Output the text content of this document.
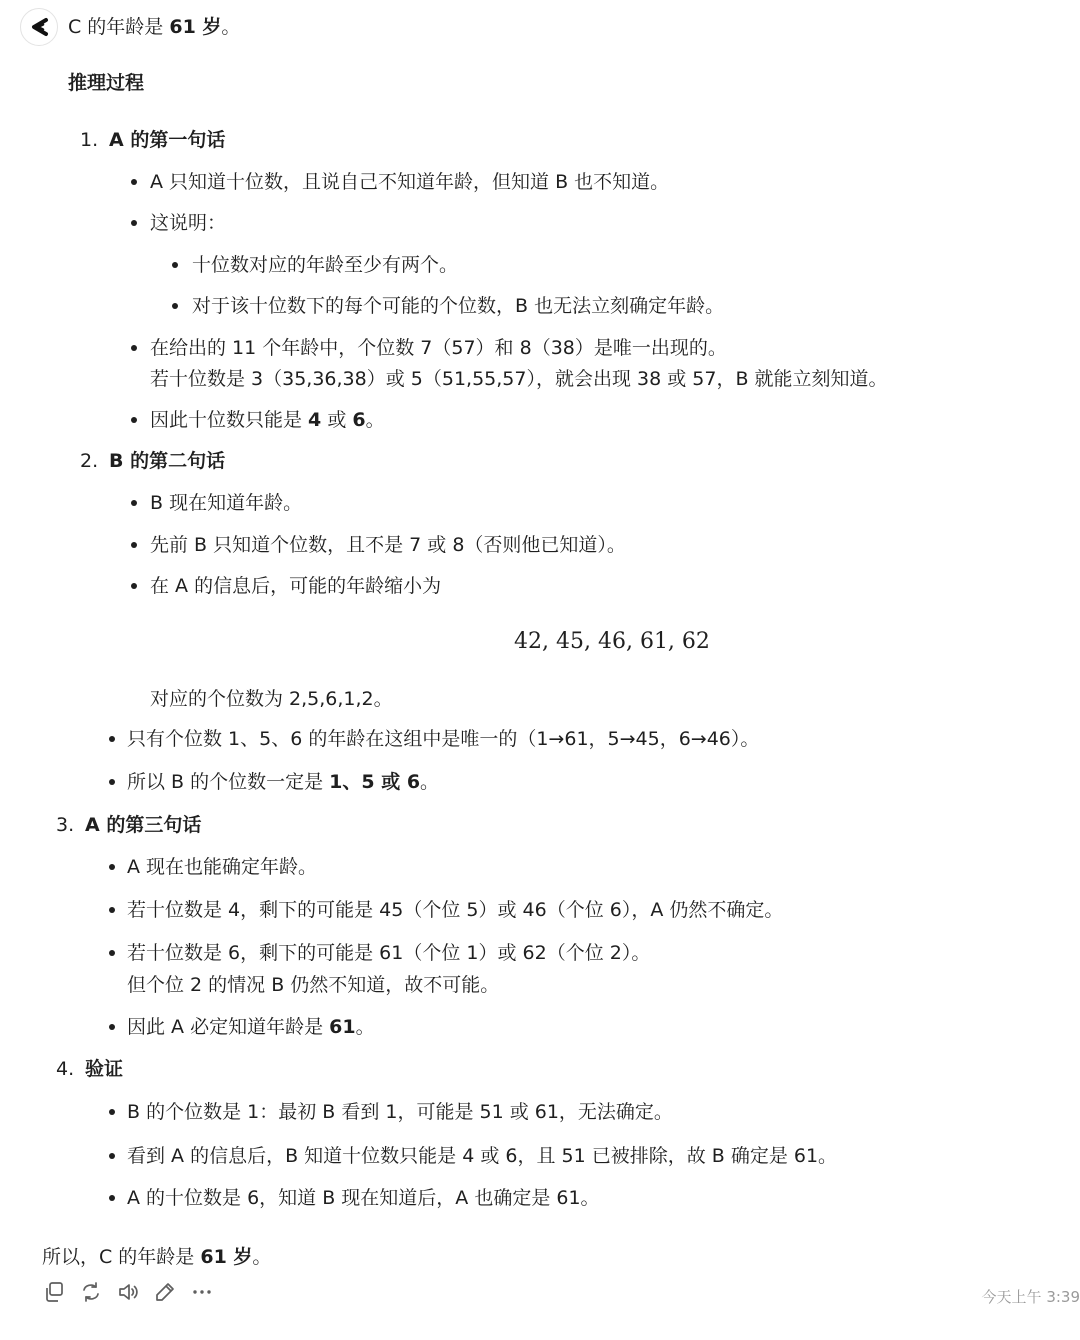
C 的年龄是 61 岁。
推理过程
1. A 的第一句话
A 只知道十位数，且说自己不知道年龄，但知道 B 也不知道。
这说明：
十位数对应的年龄至少有两个。
对于该十位数下的每个可能的个位数，B 也无法立刻确定年龄。
在给出的 11 个年龄中，个位数 7（57）和 8（38）是唯一出现的。
若十位数是 3（35,36,38）或 5（51,55,57），就会出现 38 或 57，B 就能立刻知道。
因此十位数只能是 4 或 6。
2. B 的第二句话
B 现在知道年龄。
先前 B 只知道个位数，且不是 7 或 8（否则他已知道）。
在 A 的信息后，可能的年龄缩小为
42, 45, 46, 61, 62
对应的个位数为 2,5,6,1,2。
只有个位数 1、5、6 的年龄在这组中是唯一的（1→61，5→45，6→46）。
所以 B 的个位数一定是 1、5 或 6。
3. A 的第三句话
A 现在也能确定年龄。
若十位数是 4，剩下的可能是 45（个位 5）或 46（个位 6），A 仍然不确定。
若十位数是 6，剩下的可能是 61（个位 1）或 62（个位 2）。
但个位 2 的情况 B 仍然不知道，故不可能。
因此 A 必定知道年龄是 61。
4. 验证
B 的个位数是 1：最初 B 看到 1，可能是 51 或 61，无法确定。
看到 A 的信息后，B 知道十位数只能是 4 或 6，且 51 已被排除，故 B 确定是 61。
A 的十位数是 6，知道 B 现在知道后，A 也确定是 61。
所以，C 的年龄是 61 岁。
今天上午 3:39
